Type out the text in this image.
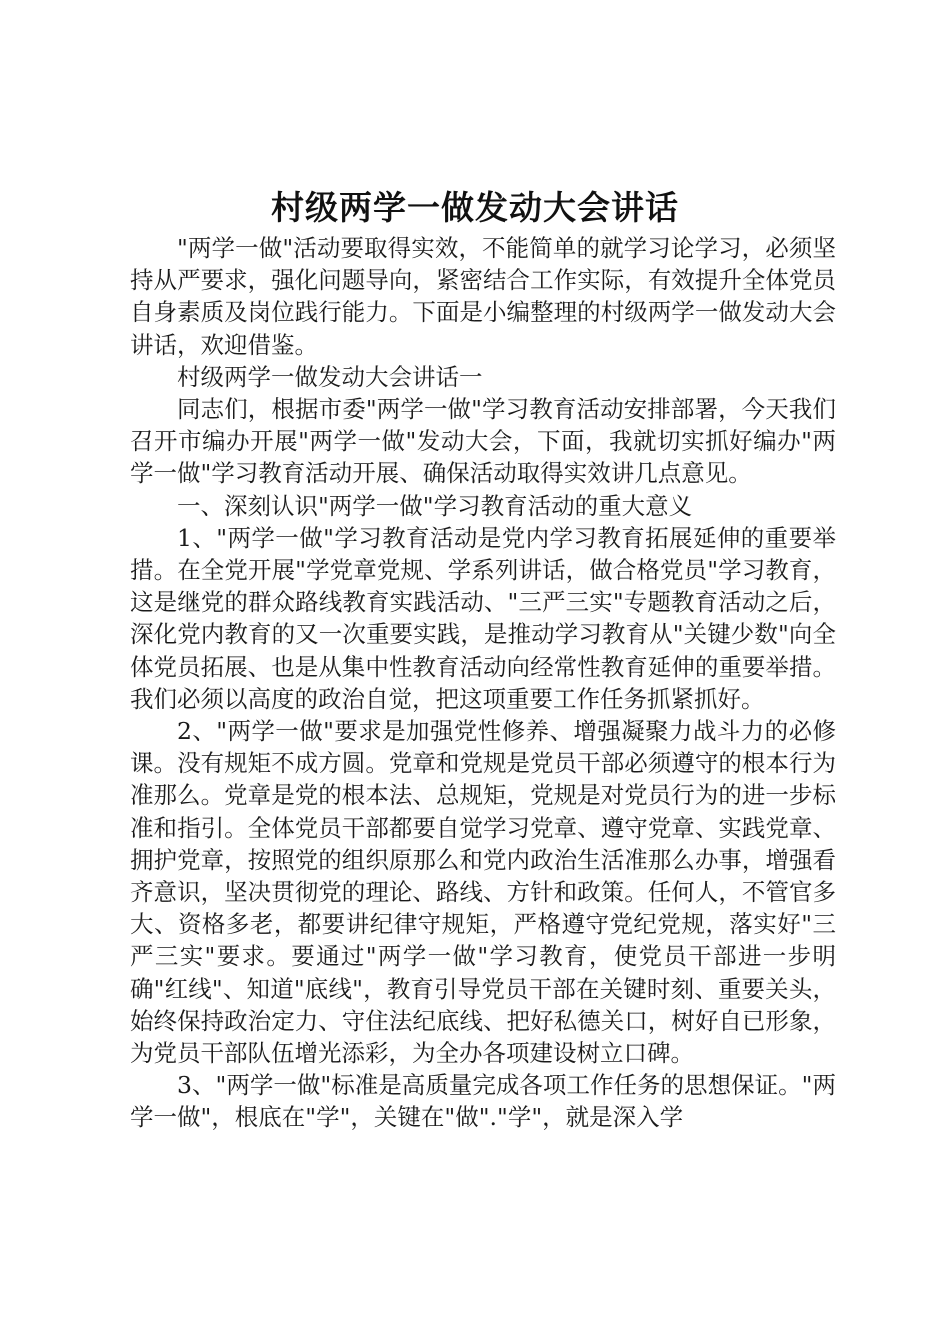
村级两学一做发动大会讲话

"两学一做"活动要取得实效，不能简单的就学习论学习，必须坚持从严要求，强化问题导向，紧密结合工作实际，有效提升全体党员自身素质及岗位践行能力。下面是小编整理的村级两学一做发动大会讲话，欢迎借鉴。

村级两学一做发动大会讲话一

同志们，根据市委"两学一做"学习教育活动安排部署，今天我们召开市编办开展"两学一做"发动大会，下面，我就切实抓好编办"两学一做"学习教育活动开展、确保活动取得实效讲几点意见。

一、深刻认识"两学一做"学习教育活动的重大意义

1、"两学一做"学习教育活动是党内学习教育拓展延伸的重要举措。在全党开展"学党章党规、学系列讲话，做合格党员"学习教育，这是继党的群众路线教育实践活动、"三严三实"专题教育活动之后，深化党内教育的又一次重要实践，是推动学习教育从"关键少数"向全体党员拓展、也是从集中性教育活动向经常性教育延伸的重要举措。我们必须以高度的政治自觉，把这项重要工作任务抓紧抓好。

2、"两学一做"要求是加强党性修养、增强凝聚力战斗力的必修课。没有规矩不成方圆。党章和党规是党员干部必须遵守的根本行为准那么。党章是党的根本法、总规矩，党规是对党员行为的进一步标准和指引。全体党员干部都要自觉学习党章、遵守党章、实践党章、拥护党章，按照党的组织原那么和党内政治生活准那么办事，增强看齐意识，坚决贯彻党的理论、路线、方针和政策。任何人，不管官多大、资格多老，都要讲纪律守规矩，严格遵守党纪党规，落实好"三严三实"要求。要通过"两学一做"学习教育，使党员干部进一步明确"红线"、知道"底线"，教育引导党员干部在关键时刻、重要关头，始终保持政治定力、守住法纪底线、把好私德关口，树好自已形象，为党员干部队伍增光添彩，为全办各项建设树立口碑。

3、"两学一做"标准是高质量完成各项工作任务的思想保证。"两学一做"，根底在"学"，关键在"做"."学"，就是深入学
